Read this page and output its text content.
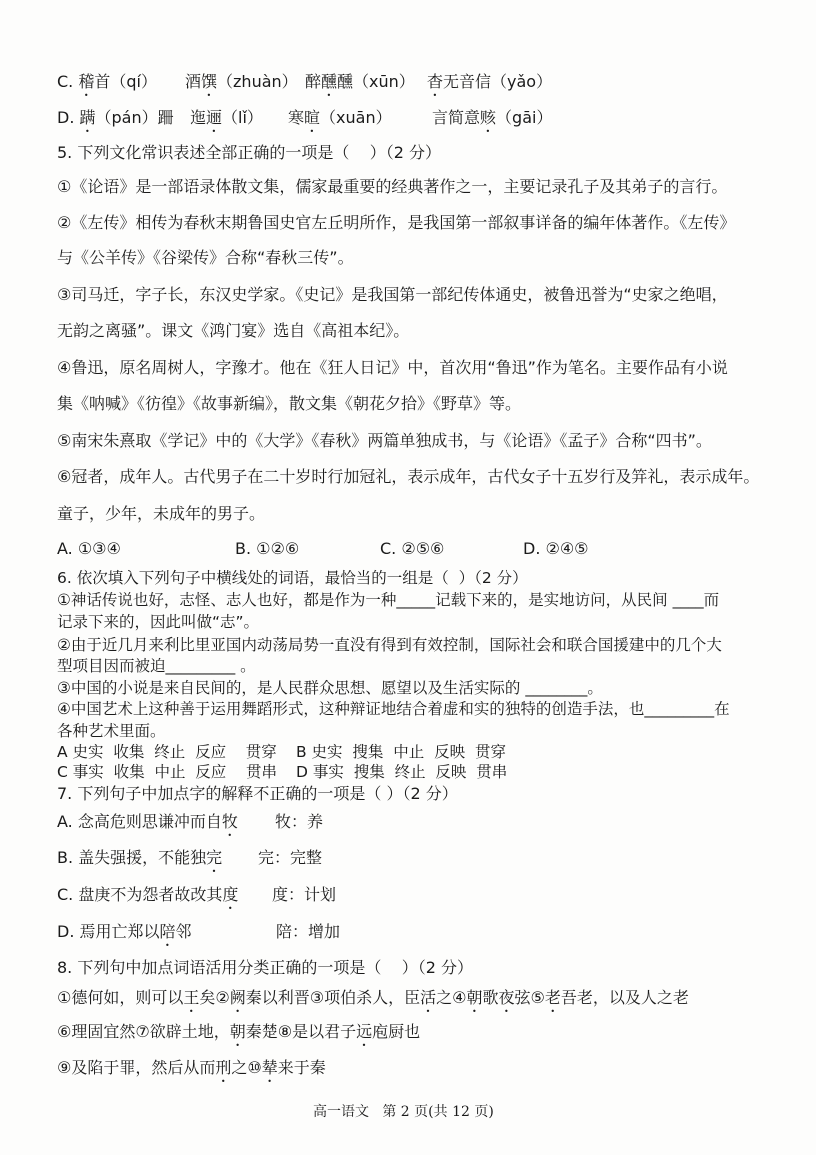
C. 稽首（qí）

酒馔（zhuàn）

醉醺醺（xūn）

杳无音信（yǎo）

D. 蹒（pán）跚

迤逦（lǐ）

寒暄（xuān）

	言简意赅（gāi）

5. 下列文化常识表述全部正确的一项是（    ）（2 分）
①《论语》是一部语录体散文集，儒家最重要的经典著作之一，主要记录孔子及其弟子的言行。
②《左传》相传为春秋末期鲁国史官左丘明所作，是我国第一部叙事详备的编年体著作。《左传》
与《公羊传》《谷梁传》合称“春秋三传”。
③司马迁，字子长，东汉史学家。《史记》是我国第一部纪传体通史，被鲁迅誉为“史家之绝唱，
无韵之离骚”。课文《鸿门宴》选自《高祖本纪》。
④鲁迅，原名周树人，字豫才。他在《狂人日记》中，首次用“鲁迅”作为笔名。主要作品有小说
集《呐喊》《彷徨》《故事新编》，散文集《朝花夕拾》《野草》等。
⑤南宋朱熹取《学记》中的《大学》《春秋》两篇单独成书，与《论语》《孟子》合称“四书”。
⑥冠者，成年人。古代男子在二十岁时行加冠礼，表示成年，古代女子十五岁行及笄礼，表示成年。
童子，少年，未成年的男子。

A. ①③④

	B. ①②⑥

	C. ②⑤⑥

	D. ②④⑤

6. 依次填入下列句子中横线处的词语，最恰当的一组是（  ）（2 分）
①神话传说也好，志怪、志人也好，都是作为一种_____记载下来的，是实地访问，从民间 ____而
记录下来的，因此叫做“志”。
②由于近几月来利比里亚国内动荡局势一直没有得到有效控制，国际社会和联合国援建中的几个大
型项目因而被迫_________ 。
③中国的小说是来自民间的，是人民群众思想、愿望以及生活实际的 ________。
④中国艺术上这种善于运用舞蹈形式，这种辩证地结合着虚和实的独特的创造手法，也_________在
各种艺术里面。

A 史实  收集  终止  反应    贯穿

B 史实  搜集  中止  反映  贯穿

C 事实  收集  中止  反应    贯串

D 事实  搜集  终止  反映  贯串

7. 下列句子中加点字的解释不正确的一项是（ ）（2 分）

A. 念高危则思谦冲而自牧

牧：养

B. 盖失强援，不能独完

完：完整

C. 盘庚不为怨者故改其度

度：计划

D. 焉用亡郑以陪邻

	陪：增加

8. 下列句中加点词语活用分类正确的一项是（    ）（2 分）
①德何如，则可以王矣②阙秦以利晋③项伯杀人，臣活之④朝歌夜弦⑤老吾老，以及人之老
⑥理固宜然⑦欲辟土地，朝秦楚⑧是以君子远庖厨也
⑨及陷于罪，然后从而刑之⑩辇来于秦
高一语文   第 2 页(共 12 页)
